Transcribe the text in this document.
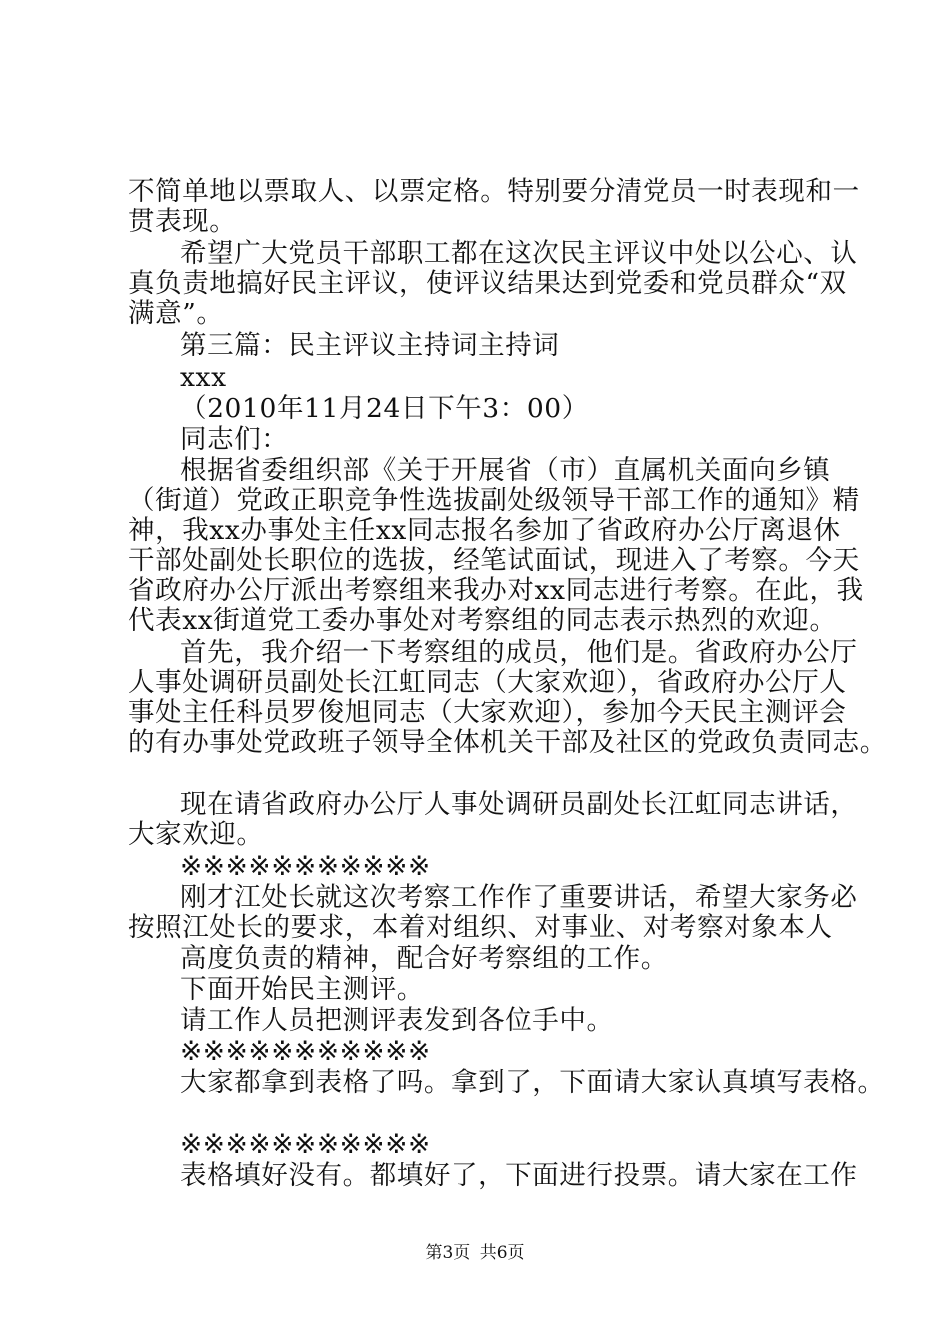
不简单地以票取人、以票定格。特别要分清党员一时表现和一
贯表现。
希望广大党员干部职工都在这次民主评议中处以公心、认
真负责地搞好民主评议，使评议结果达到党委和党员群众“双
满意”。
第三篇：民主评议主持词主持词
xxx
（2010年11月24日下午3：00）
同志们：
根据省委组织部《关于开展省（市）直属机关面向乡镇
（街道）党政正职竞争性选拔副处级领导干部工作的通知》精
神，我xx办事处主任xx同志报名参加了省政府办公厅离退休
干部处副处长职位的选拔，经笔试面试，现进入了考察。今天
省政府办公厅派出考察组来我办对xx同志进行考察。在此，我
代表xx街道党工委办事处对考察组的同志表示热烈的欢迎。
首先，我介绍一下考察组的成员，他们是。省政府办公厅
人事处调研员副处长江虹同志（大家欢迎），省政府办公厅人
事处主任科员罗俊旭同志（大家欢迎），参加今天民主测评会
的有办事处党政班子领导全体机关干部及社区的党政负责同志。
现在请省政府办公厅人事处调研员副处长江虹同志讲话，
大家欢迎。
※※※※※※※※※※※
刚才江处长就这次考察工作作了重要讲话，希望大家务必
按照江处长的要求，本着对组织、对事业、对考察对象本人
高度负责的精神，配合好考察组的工作。
下面开始民主测评。
请工作人员把测评表发到各位手中。
※※※※※※※※※※※
大家都拿到表格了吗。拿到了，下面请大家认真填写表格。
※※※※※※※※※※※
表格填好没有。都填好了，下面进行投票。请大家在工作
第3页 共6页
